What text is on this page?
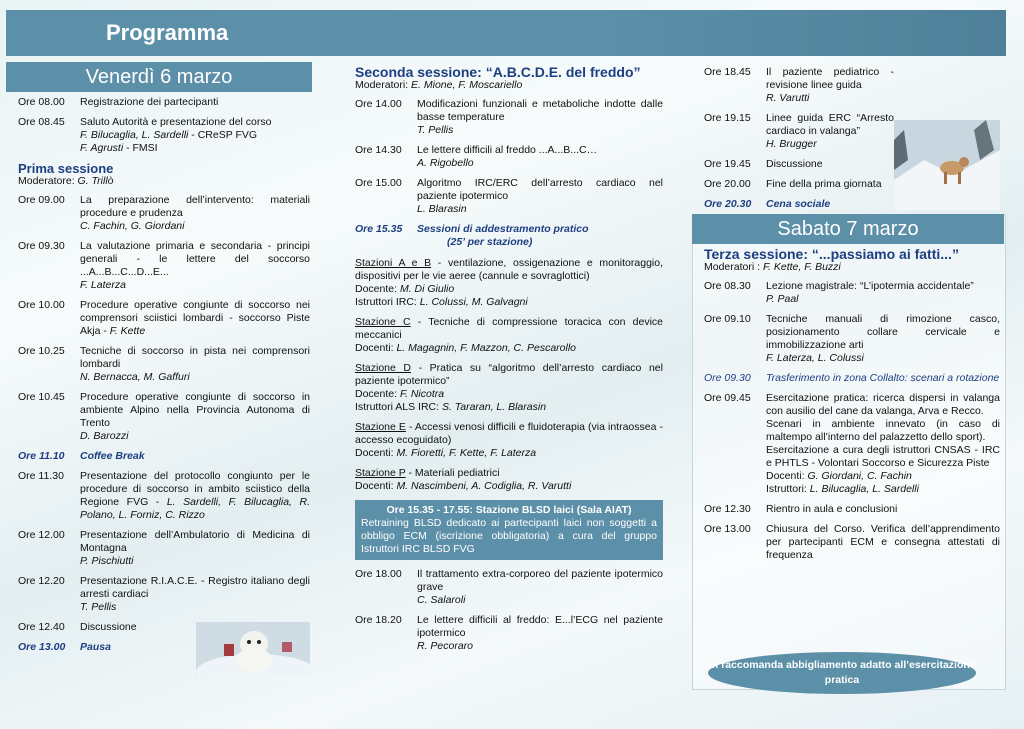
Programma
Venerdì 6 marzo
Ore 08.00	Registrazione dei partecipanti
Ore 08.45	Saluto Autorità e presentazione del corso
F. Bilucaglia, L. Sardelli - CReSP FVG
F. Agrusti - FMSI
Prima sessione
Moderatore: G. Trillò
Ore 09.00	La preparazione dell’intervento: materiali procedure e prudenza
C. Fachin, G. Giordani
Ore 09.30	La valutazione primaria e secondaria - principi generali - le lettere del soccorso ...A...B...C...D...E...
F. Laterza
Ore 10.00	Procedure operative congiunte di soccorso nei comprensori sciistici lombardi - soccorso Piste Akja - F. Kette
Ore 10.25	Tecniche di soccorso in pista nei comprensori lombardi
N. Bernacca, M. Gaffuri
Ore 10.45	Procedure operative congiunte di soccorso in ambiente Alpino nella Provincia Autonoma di Trento
D. Barozzi
Ore 11.10	Coffee Break
Ore 11.30	Presentazione del protocollo congiunto per le procedure di soccorso in ambito sciistico della Regione FVG - L. Sardelli, F. Bilucaglia, R. Polano, L. Forniz, C. Rizzo
Ore 12.00	Presentazione dell’Ambulatorio di Medicina di Montagna
P. Pischiutti
Ore 12.20	Presentazione R.I.A.C.E. - Registro italiano degli arresti cardiaci
T. Pellis
Ore 12.40	Discussione
Ore 13.00	Pausa
Seconda sessione: “A.B.C.D.E. del freddo”
Moderatori: E. Mione, F. Moscariello
Ore 14.00	Modificazioni funzionali e metaboliche indotte dalle basse temperature
T. Pellis
Ore 14.30	Le lettere difficili al freddo ...A...B...C…
A. Rigobello
Ore 15.00	Algoritmo IRC/ERC dell’arresto cardiaco nel paziente ipotermico
L. Blarasin
Ore 15.35	Sessioni di addestramento pratico
(25’ per stazione)
Stazioni A e B - ventilazione, ossigenazione e monitoraggio, dispositivi per le vie aeree (cannule e sovraglottici)
Docente: M. Di Giulio
Istruttori IRC: L. Colussi, M. Galvagni
Stazione C - Tecniche di compressione toracica con device meccanici
Docenti: L. Magagnin, F. Mazzon, C. Pescarollo
Stazione D - Pratica su “algoritmo dell’arresto cardiaco nel paziente ipotermico”
Docente: F. Nicotra
Istruttori ALS IRC: S. Tararan, L. Blarasin
Stazione E - Accessi venosi difficili e fluidoterapia (via intraossea - accesso ecoguidato)
Docenti: M. Fioretti, F. Kette, F. Laterza
Stazione P - Materiali pediatrici
Docenti: M. Nascimbeni, A. Codiglia, R. Varutti
Ore 15.35 - 17.55: Stazione BLSD laici (Sala AIAT)
Retraining BLSD dedicato ai partecipanti laici non soggetti a obbligo ECM (iscrizione obbligatoria) a cura del gruppo Istruttori IRC BLSD FVG
Ore 18.00	Il trattamento extra-corporeo del paziente ipotermico grave
C. Salaroli
Ore 18.20	Le lettere difficili al freddo: E...l’ECG nel paziente ipotermico
R. Pecoraro
Ore 18.45	Il paziente pediatrico - revisione linee guida
R. Varutti
Ore 19.15	Linee guida ERC “Arresto cardiaco in valanga”
H. Brugger
Ore 19.45	Discussione
Ore 20.00	Fine della prima giornata
Ore 20.30	Cena sociale
Sabato 7 marzo
Terza sessione: “...passiamo ai fatti...”
Moderatori : F. Kette, F. Buzzi
Ore 08.30	Lezione magistrale: “L’ipotermia accidentale”
P. Paal
Ore 09.10	Tecniche manuali di rimozione casco, posizionamento collare cervicale e immobilizzazione arti
F. Laterza, L. Colussi
Ore 09.30	Trasferimento in zona Collalto: scenari a rotazione
Ore 09.45	Esercitazione pratica: ricerca dispersi in valanga con ausilio del cane da valanga, Arva e Recco.
Scenari in ambiente innevato (in caso di maltempo all’interno del palazzetto dello sport).
Esercitazione a cura degli istruttori CNSAS - IRC e PHTLS - Volontari Soccorso e Sicurezza Piste
Docenti: G. Giordani, C. Fachin
Istruttori: L. Bilucaglia, L. Sardelli
Ore 12.30	Rientro in aula e conclusioni
Ore 13.00	Chiusura del Corso. Verifica dell’apprendimento per partecipanti ECM e consegna attestati di frequenza
Si raccomanda abbigliamento adatto all’esercitazione pratica
